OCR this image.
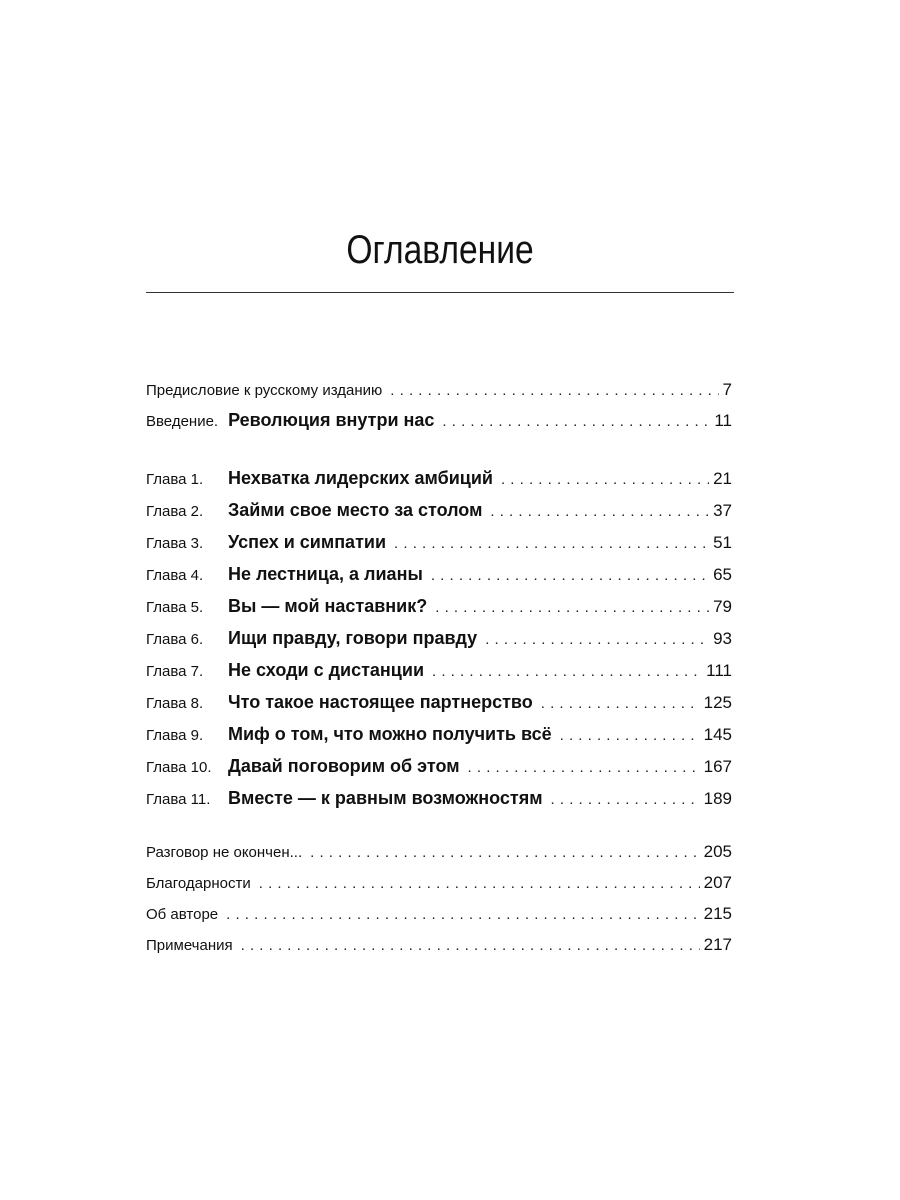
Оглавление
Предисловие к русскому изданию . . .	7
Введение. Революция внутри нас . . .	11
Глава 1.	Нехватка лидерских амбиций . . .	21
Глава 2.	Займи свое место за столом . . .	37
Глава 3.	Успех и симпатии . . .	51
Глава 4.	Не лестница, а лианы . . .	65
Глава 5.	Вы — мой наставник? . . .	79
Глава 6.	Ищи правду, говори правду . . .	93
Глава 7.	Не сходи с дистанции . . .	111
Глава 8.	Что такое настоящее партнерство . . .	125
Глава 9.	Миф о том, что можно получить всё . . .	145
Глава 10. Давай поговорим об этом . . .	167
Глава 11. Вместе — к равным возможностям . . .	189
Разговор не окончен... . . .	205
Благодарности . . .	207
Об авторе . . .	215
Примечания . . .	217
